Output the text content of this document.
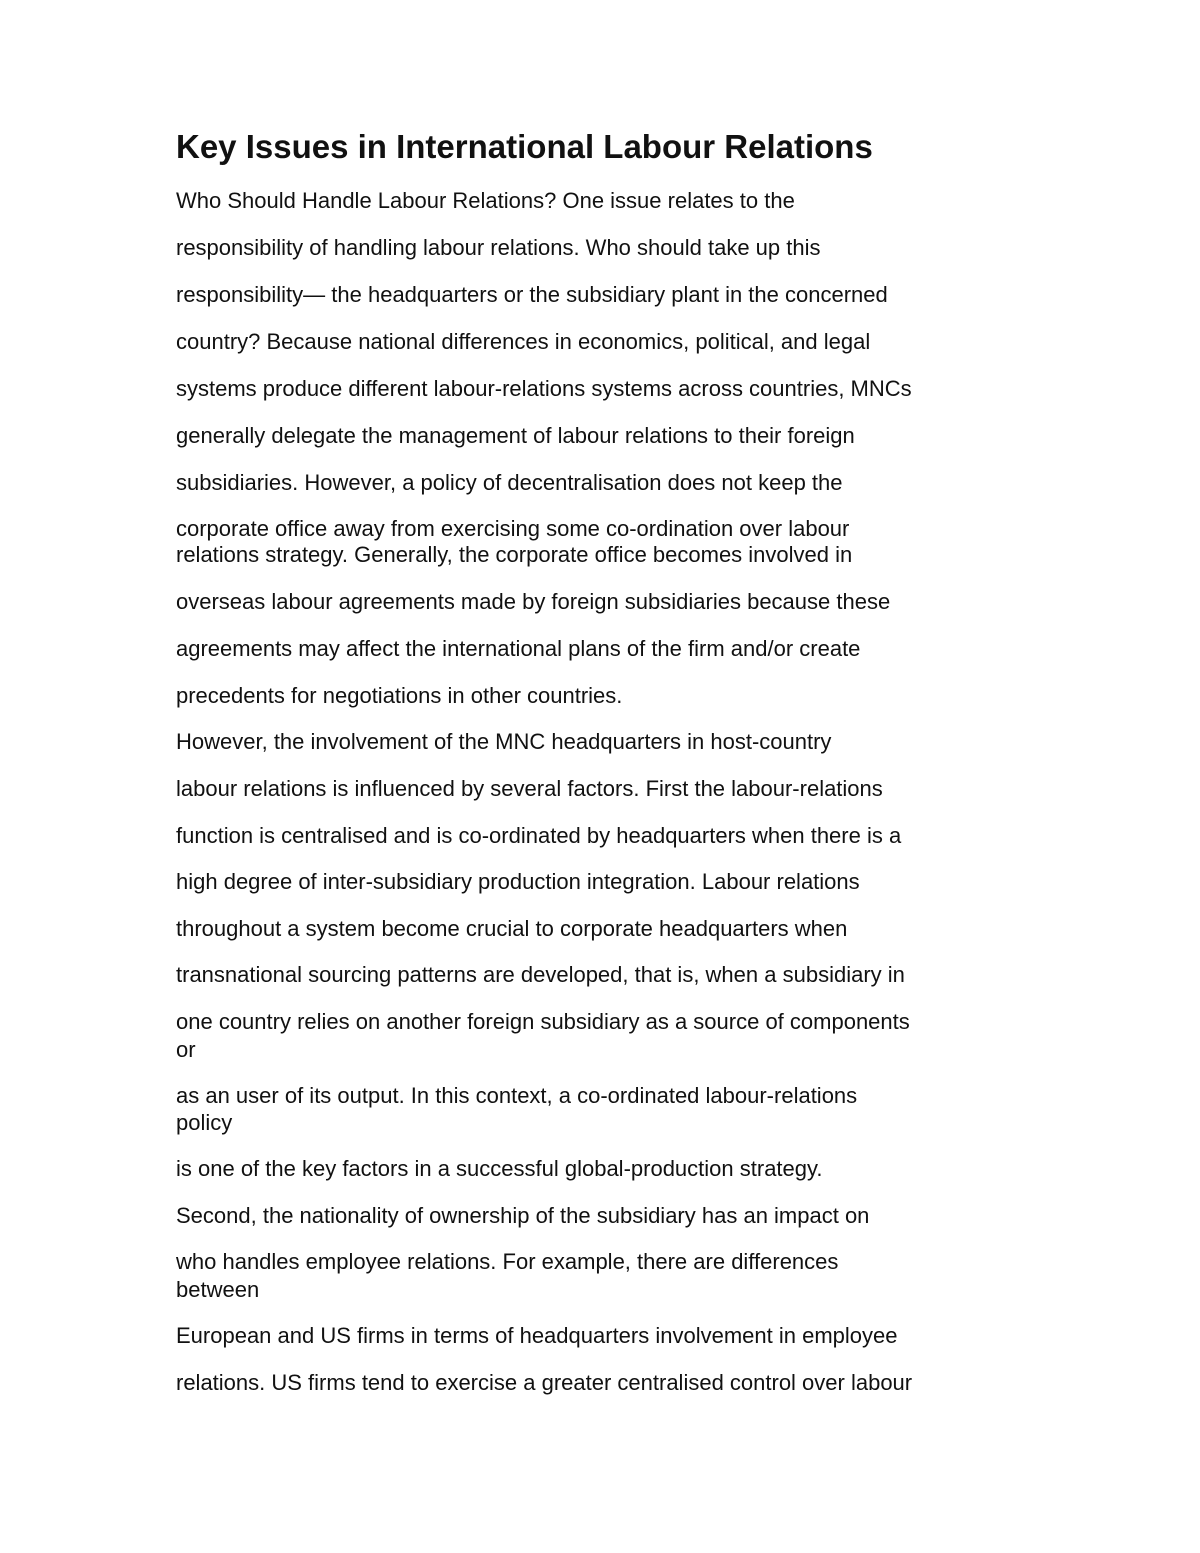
Key Issues in International Labour Relations
Who Should Handle Labour Relations? One issue relates to the
responsibility of handling labour relations. Who should take up this
responsibility— the headquarters or the subsidiary plant in the concerned
country? Because national differences in economics, political, and legal
systems produce different labour-relations systems across countries, MNCs
generally delegate the management of labour relations to their foreign
subsidiaries. However, a policy of decentralisation does not keep the
corporate office away from exercising some co-ordination over labour
relations strategy. Generally, the corporate office becomes involved in
overseas labour agreements made by foreign subsidiaries because these
agreements may affect the international plans of the firm and/or create
precedents for negotiations in other countries.
However, the involvement of the MNC headquarters in host-country
labour relations is influenced by several factors. First the labour-relations
function is centralised and is co-ordinated by headquarters when there is a
high degree of inter-subsidiary production integration. Labour relations
throughout a system become crucial to corporate headquarters when
transnational sourcing patterns are developed, that is, when a subsidiary in
one country relies on another foreign subsidiary as a source of components
or
as an user of its output. In this context, a co-ordinated labour-relations
policy
is one of the key factors in a successful global-production strategy.
Second, the nationality of ownership of the subsidiary has an impact on
who handles employee relations. For example, there are differences
between
European and US firms in terms of headquarters involvement in employee
relations. US firms tend to exercise a greater centralised control over labour
